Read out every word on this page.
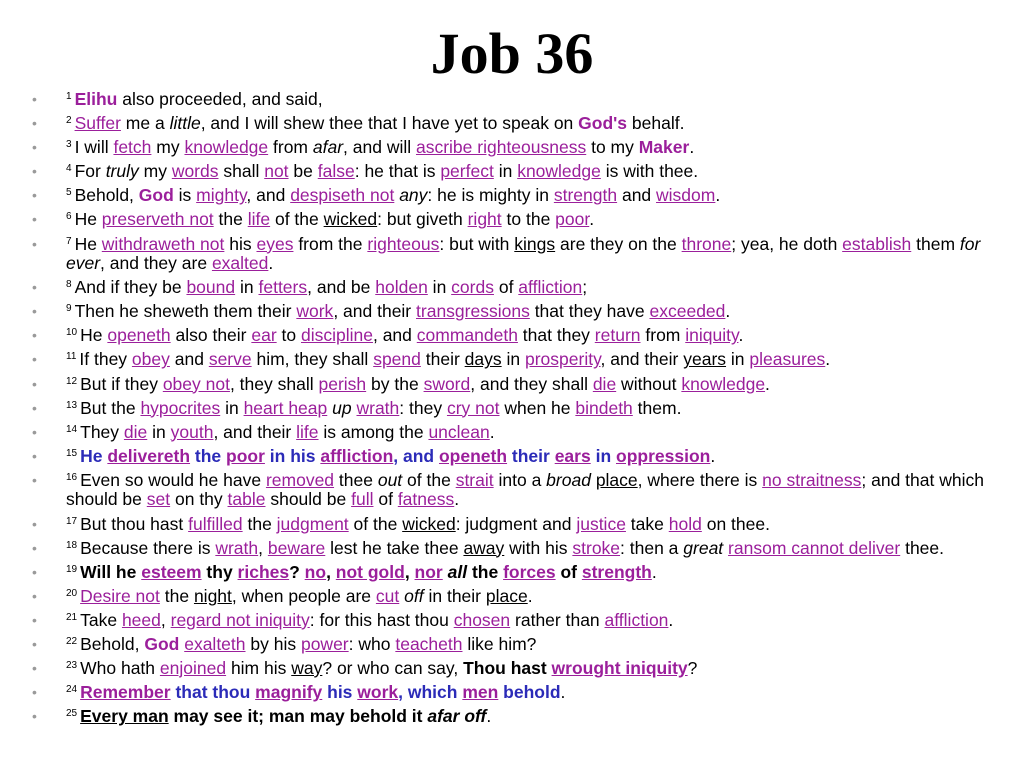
Job 36
• $^1$ Elihu also proceeded, and said,
• $^2$ Suffer me a little, and I will shew thee that I have yet to speak on God's behalf.
• $^3$ I will fetch my knowledge from afar, and will ascribe righteousness to my Maker.
• $^4$ For truly my words shall not be false: he that is perfect in knowledge is with thee.
• $^5$ Behold, God is mighty, and despiseth not any: he is mighty in strength and wisdom.
• $^6$ He preserveth not the life of the wicked: but giveth right to the poor.
• $^7$ He withdraweth not his eyes from the righteous: but with kings are they on the throne; yea, he doth establish them for ever, and they are exalted.
• $^8$ And if they be bound in fetters, and be holden in cords of affliction;
• $^9$ Then he sheweth them their work, and their transgressions that they have exceeded.
• $^{10}$ He openeth also their ear to discipline, and commandeth that they return from iniquity.
• $^{11}$ If they obey and serve him, they shall spend their days in prosperity, and their years in pleasures.
• $^{12}$ But if they obey not, they shall perish by the sword, and they shall die without knowledge.
• $^{13}$ But the hypocrites in heart heap up wrath: they cry not when he bindeth them.
• $^{14}$ They die in youth, and their life is among the unclean.
• $^{15}$ He delivereth the poor in his affliction, and openeth their ears in oppression.
• $^{16}$ Even so would he have removed thee out of the strait into a broad place, where there is no straitness; and that which should be set on thy table should be full of fatness.
• $^{17}$ But thou hast fulfilled the judgment of the wicked: judgment and justice take hold on thee.
• $^{18}$ Because there is wrath, beware lest he take thee away with his stroke: then a great ransom cannot deliver thee.
• $^{19}$ Will he esteem thy riches? no, not gold, nor all the forces of strength.
• $^{20}$ Desire not the night, when people are cut off in their place.
• $^{21}$ Take heed, regard not iniquity: for this hast thou chosen rather than affliction.
• $^{22}$ Behold, God exalteth by his power: who teacheth like him?
• $^{23}$ Who hath enjoined him his way? or who can say, Thou hast wrought iniquity?
• $^{24}$ Remember that thou magnify his work, which men behold.
• $^{25}$ Every man may see it; man may behold it afar off.
